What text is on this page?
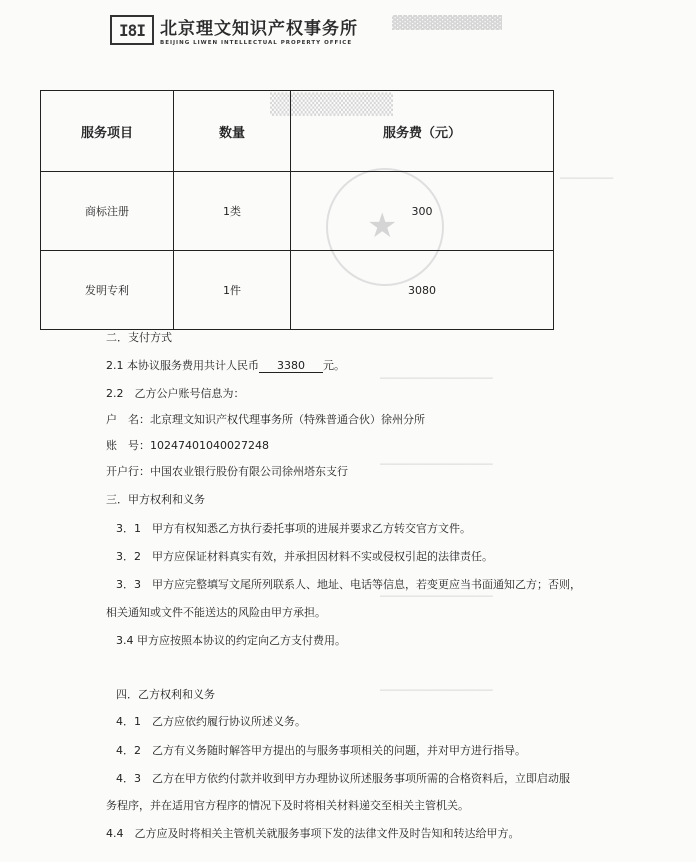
▓▓▓▓▓▓▓▓▓▓▓
▒▒▒▒▒▒▒▒
────────
─────────────────
─────────────────
─────────────────
─────────────────
★
I8I 北京理文知识产权事务所
BEIJING LIWEN INTELLECTUAL PROPERTY OFFICE
服务项目	数量	服务费（元）
商标注册	1类	300
发明专利	1件	3080
二．支付方式
2.1 本协议服务费用共计人民币 3380 元。
2.2　乙方公户账号信息为：
户　名：北京理文知识产权代理事务所（特殊普通合伙）徐州分所
账　号：10247401040027248
开户行：中国农业银行股份有限公司徐州塔东支行
三．甲方权利和义务
3．1　甲方有权知悉乙方执行委托事项的进展并要求乙方转交官方文件。
3．2　甲方应保证材料真实有效，并承担因材料不实或侵权引起的法律责任。
3．3　甲方应完整填写文尾所列联系人、地址、电话等信息，若变更应当书面通知乙方；否则，
相关通知或文件不能送达的风险由甲方承担。
3.4 甲方应按照本协议的约定向乙方支付费用。
四．乙方权利和义务
4．1　乙方应依约履行协议所述义务。
4．2　乙方有义务随时解答甲方提出的与服务事项相关的问题，并对甲方进行指导。
4．3　乙方在甲方依约付款并收到甲方办理协议所述服务事项所需的合格资料后，立即启动服
务程序，并在适用官方程序的情况下及时将相关材料递交至相关主管机关。
4.4　乙方应及时将相关主管机关就服务事项下发的法律文件及时告知和转达给甲方。
